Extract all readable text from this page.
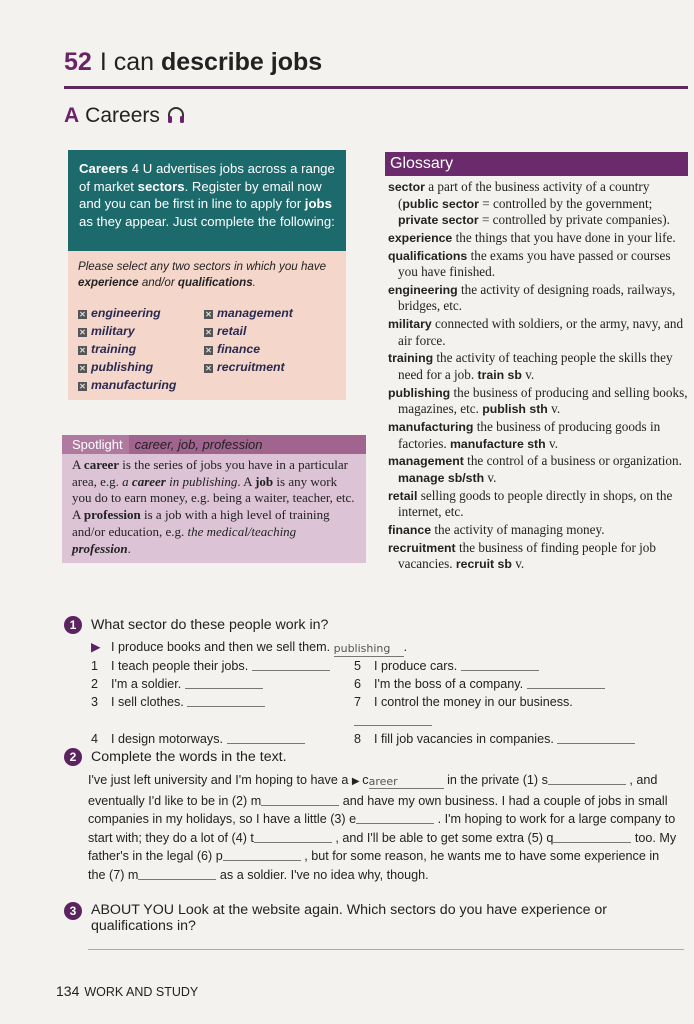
52 I can describe jobs
A Careers
Careers 4 U advertises jobs across a range of market sectors. Register by email now and you can be first in line to apply for jobs as they appear. Just complete the following:
Please select any two sectors in which you have experience and/or qualifications.
✕ engineering
✕ military
✕ training
✕ publishing
✕ manufacturing
✕ management
✕ retail
✕ finance
✕ recruitment
Spotlight career, job, profession
A career is the series of jobs you have in a particular area, e.g. a career in publishing. A job is any work you do to earn money, e.g. being a waiter, teacher, etc. A profession is a job with a high level of training and/or education, e.g. the medical/teaching profession.
Glossary
sector a part of the business activity of a country (public sector = controlled by the government; private sector = controlled by private companies).
experience the things that you have done in your life.
qualifications the exams you have passed or courses you have finished.
engineering the activity of designing roads, railways, bridges, etc.
military connected with soldiers, or the army, navy, and air force.
training the activity of teaching people the skills they need for a job. train sb v.
publishing the business of producing and selling books, magazines, etc. publish sth v.
manufacturing the business of producing goods in factories. manufacture sth v.
management the control of a business or organization. manage sb/sth v.
retail selling goods to people directly in shops, on the internet, etc.
finance the activity of managing money.
recruitment the business of finding people for job vacancies. recruit sb v.
1 What sector do these people work in?
▶ I produce books and then we sell them. publishing .
1 I teach people their jobs.	5 I produce cars.
2 I'm a soldier.	6 I'm the boss of a company.
3 I sell clothes.	7 I control the money in our business.
4 I design motorways.	8 I fill job vacancies in companies.
2 Complete the words in the text.
I've just left university and I'm hoping to have a ▶ career	in the private (1) s	, and eventually I'd like to be in (2) m	and have my own business. I had a couple of jobs in small companies in my holidays, so I have a little (3) e	. I'm hoping to work for a large company to start with; they do a lot of (4) t	, and I'll be able to get some extra (5) q	too. My father's in the legal (6) p	, but for some reason, he wants me to have some experience in the (7) m	as a soldier. I've no idea why, though.
3	ABOUT YOU Look at the website again. Which sectors do you have experience or qualifications in?
134 WORK AND STUDY
